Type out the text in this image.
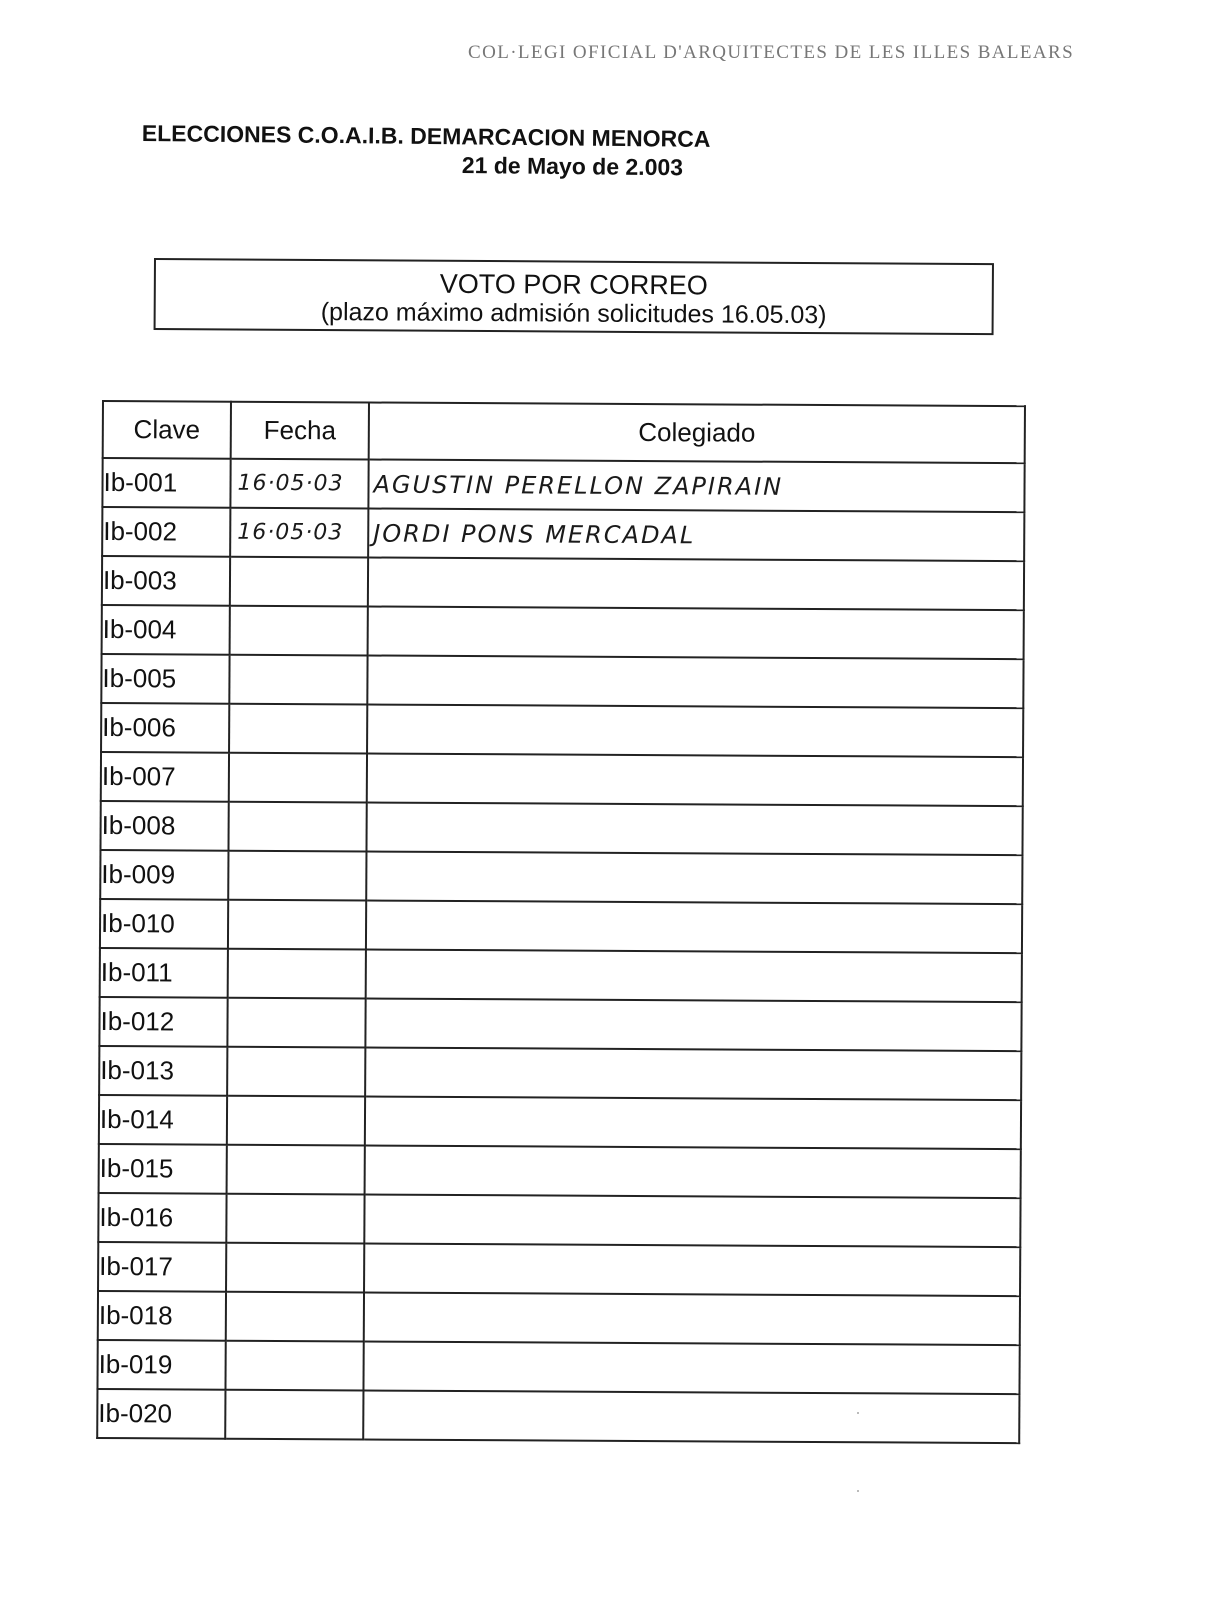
COL·LEGI OFICIAL D'ARQUITECTES DE LES ILLES BALEARS
ELECCIONES C.O.A.I.B. DEMARCACION MENORCA
21 de Mayo de 2.003
VOTO POR CORREO
(plazo máximo admisión solicitudes 16.05.03)
Clave	Fecha	Colegiado
Ib-001	16·05·03	AGUSTIN PERELLON ZAPIRAIN
Ib-002	16·05·03	JORDI PONS MERCADAL
Ib-003		
Ib-004		
Ib-005		
Ib-006		
Ib-007		
Ib-008		
Ib-009		
Ib-010		
Ib-011		
Ib-012		
Ib-013		
Ib-014		
Ib-015		
Ib-016		
Ib-017		
Ib-018		
Ib-019		
Ib-020		
